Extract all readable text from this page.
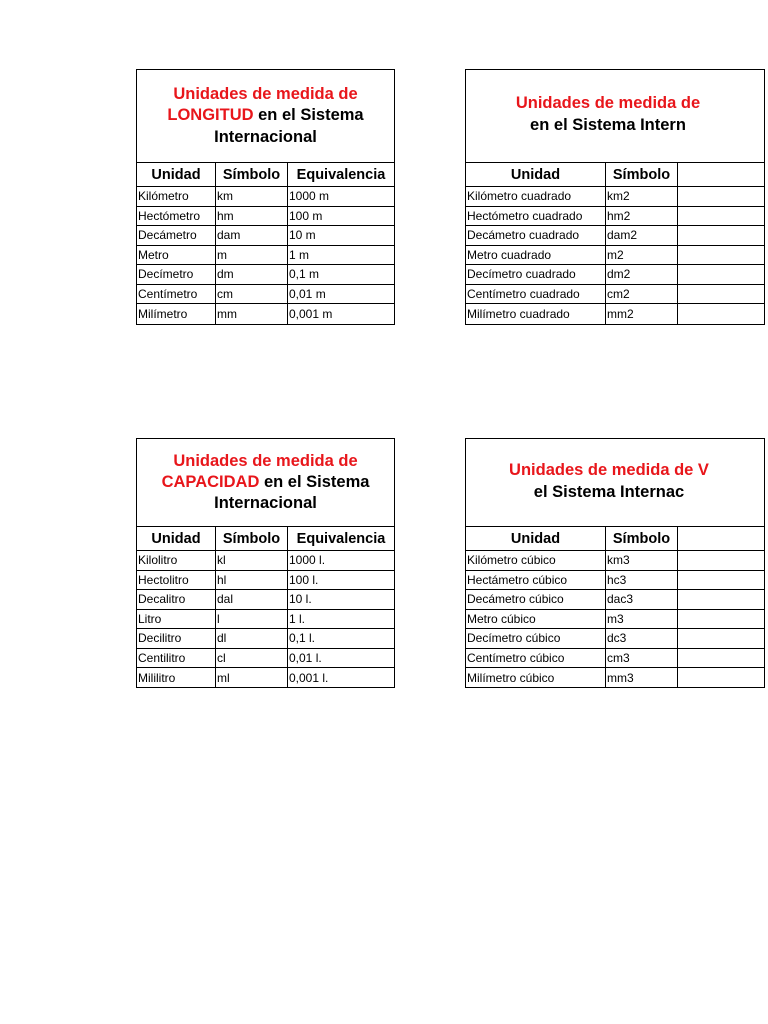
Unidades de medida de LONGITUD en el Sistema Internacional
Unidad	Símbolo	Equivalencia
Kilómetro	km	1000 m
Hectómetro	hm	100 m
Decámetro	dam	10 m
Metro	m	1 m
Decímetro	dm	0,1 m
Centímetro	cm	0,01 m
Milímetro	mm	0,001 m
Unidades de medida de
en el Sistema Intern
Unidad	Símbolo
Kilómetro cuadrado	km2
Hectómetro cuadrado	hm2
Decámetro cuadrado	dam2
Metro cuadrado	m2
Decímetro cuadrado	dm2
Centímetro cuadrado	cm2
Milímetro cuadrado	mm2
Unidades de medida de CAPACIDAD en el Sistema Internacional
Unidad	Símbolo	Equivalencia
Kilolitro	kl	1000 l.
Hectolitro	hl	100 l.
Decalitro	dal	10 l.
Litro	l	1 l.
Decilitro	dl	0,1 l.
Centilitro	cl	0,01 l.
Mililitro	ml	0,001 l.
Unidades de medida de V
el Sistema Internac
Unidad	Símbolo
Kilómetro cúbico	km3
Hectámetro cúbico	hc3
Decámetro cúbico	dac3
Metro cúbico	m3
Decímetro cúbico	dc3
Centímetro cúbico	cm3
Milímetro cúbico	mm3
